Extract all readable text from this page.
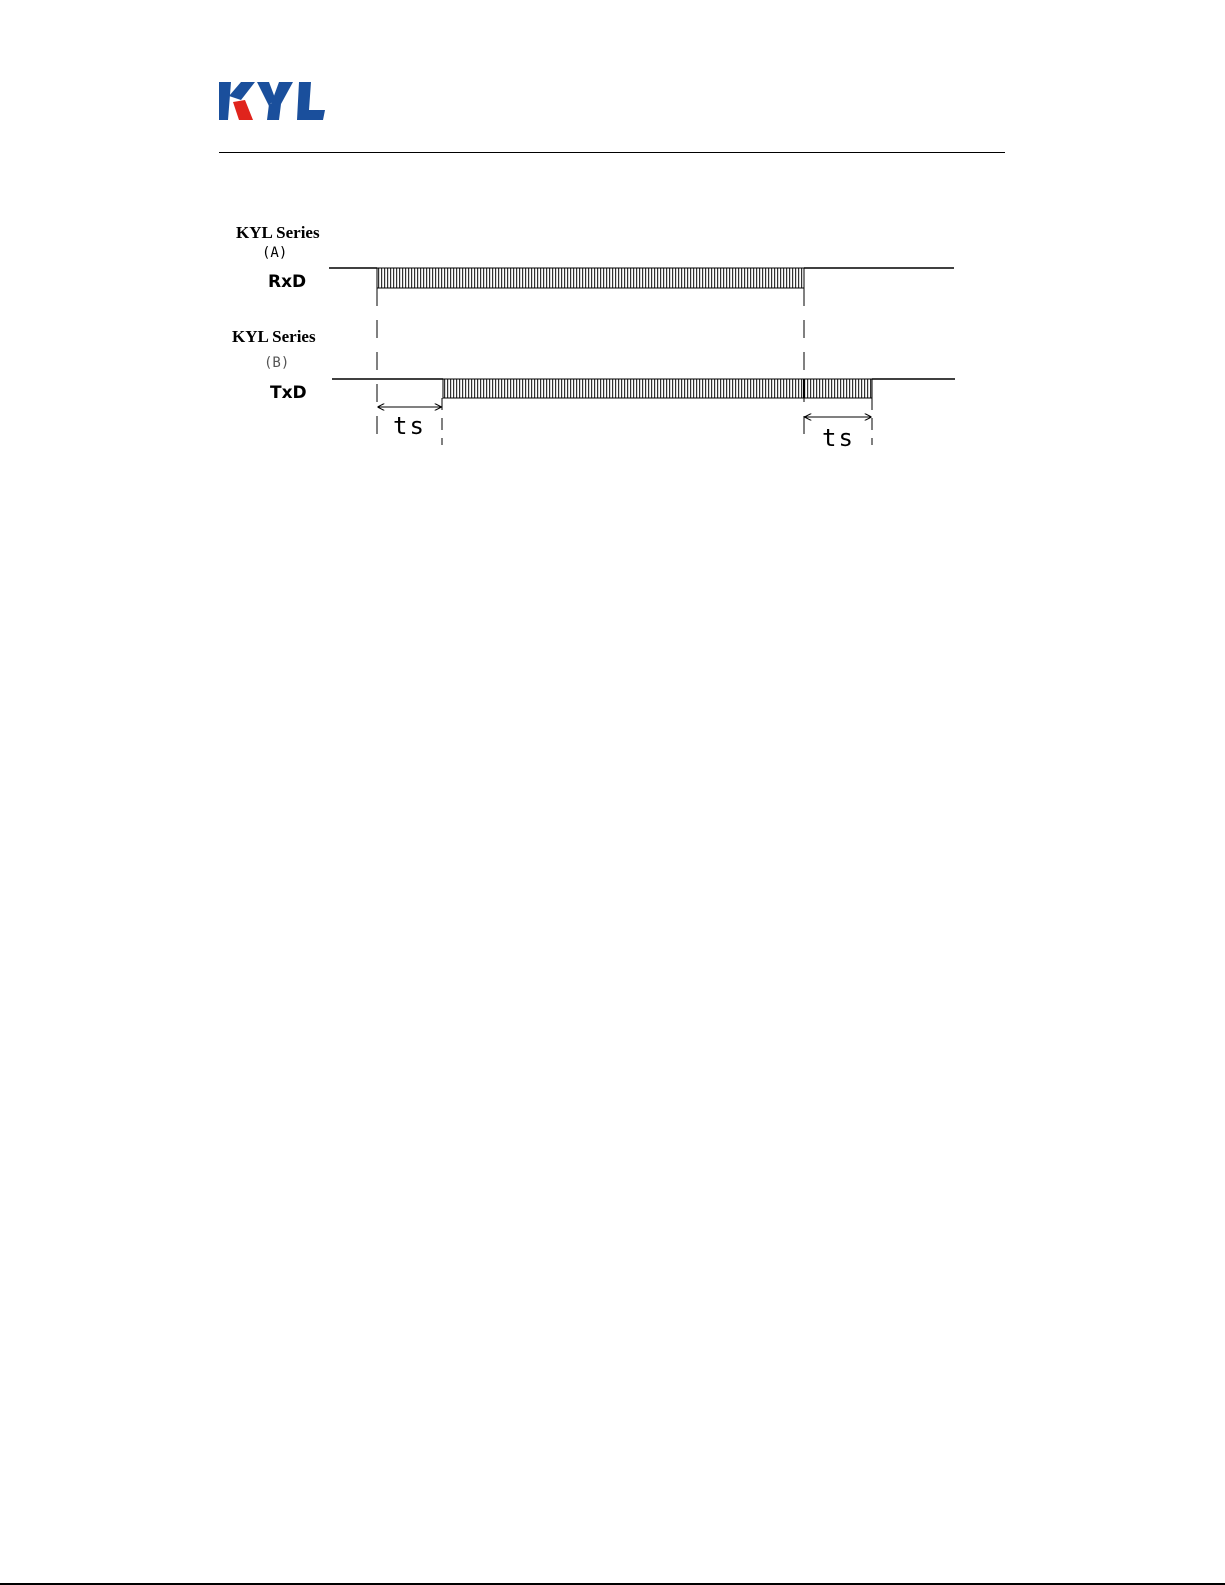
KYL Series
(A)
RxD
KYL Series
(B)
TxD
ts	ts
